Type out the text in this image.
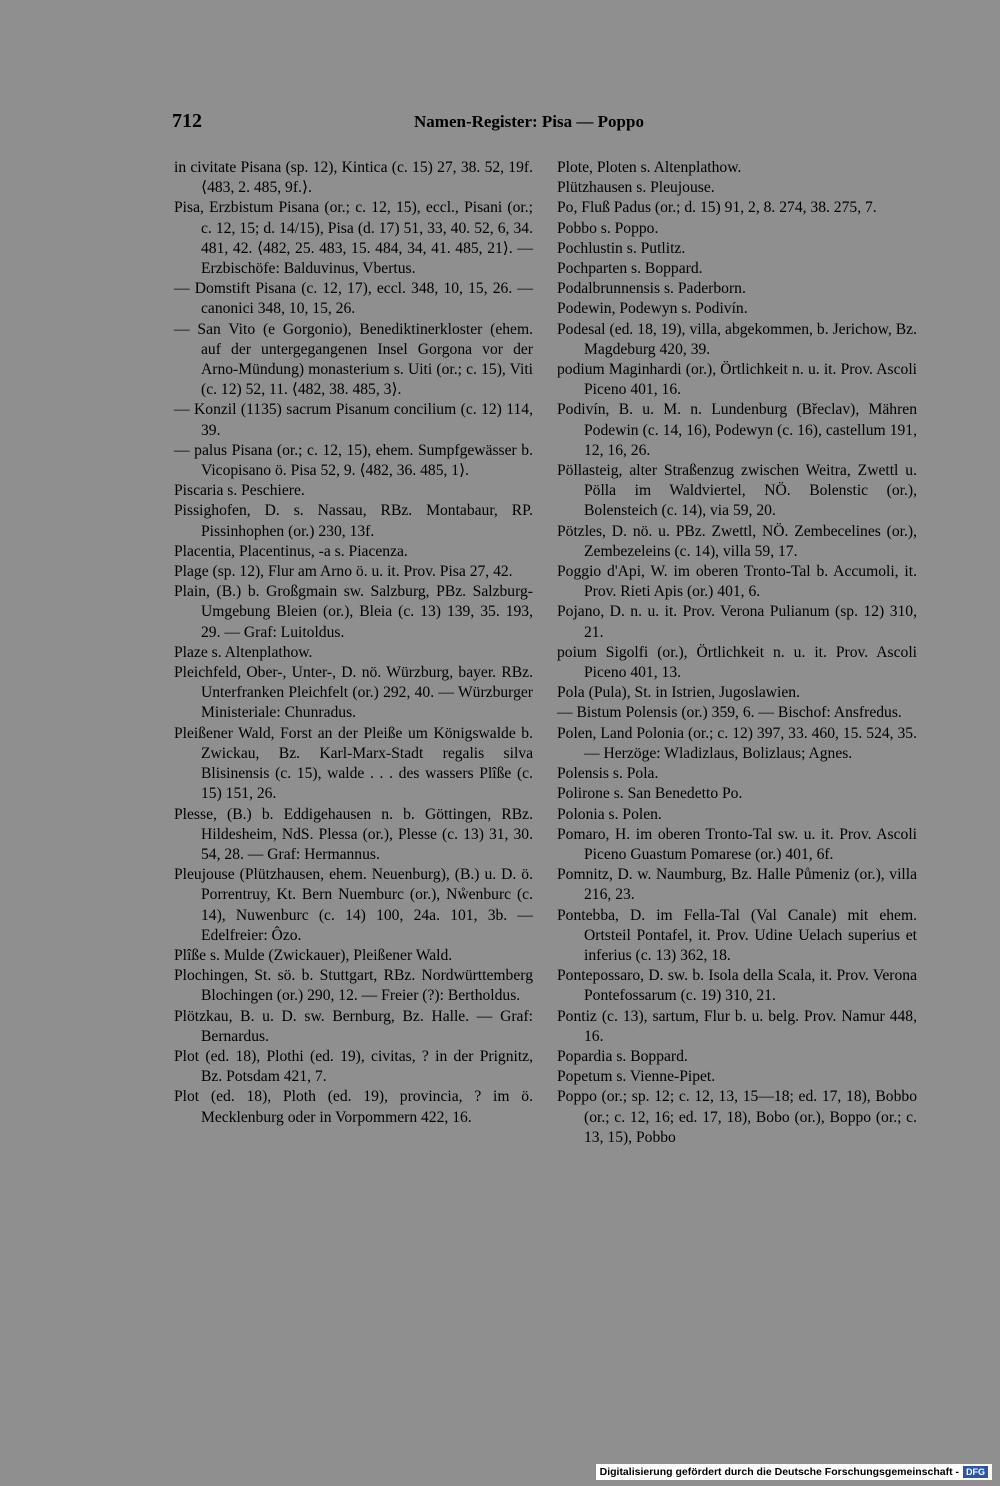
712	Namen-Register: Pisa — Poppo

in civitate Pisana (sp. 12), Kintica (c. 15) 27, 38. 52, 19f. ⟨483, 2. 485, 9f.⟩.

Pisa, Erzbistum Pisana (or.; c. 12, 15), eccl., Pisani (or.; c. 12, 15; d. 14/15), Pisa (d. 17) 51, 33, 40. 52, 6, 34. 481, 42. ⟨482, 25. 483, 15. 484, 34, 41. 485, 21⟩. — Erzbischöfe: Balduvinus, Vbertus.

— Domstift Pisana (c. 12, 17), eccl. 348, 10, 15, 26. — canonici 348, 10, 15, 26.

— San Vito (e Gorgonio), Benediktinerkloster (ehem. auf der untergegangenen Insel Gorgona vor der Arno-Mündung) monasterium s. Uiti (or.; c. 15), Viti (c. 12) 52, 11. ⟨482, 38. 485, 3⟩.

— Konzil (1135) sacrum Pisanum concilium (c. 12) 114, 39.

— palus Pisana (or.; c. 12, 15), ehem. Sumpfgewässer b. Vicopisano ö. Pisa 52, 9. ⟨482, 36. 485, 1⟩.

Piscaria s. Peschiere.

Pissighofen, D. s. Nassau, RBz. Montabaur, RP. Pissinhophen (or.) 230, 13f.

Placentia, Placentinus, -a s. Piacenza.

Plage (sp. 12), Flur am Arno ö. u. it. Prov. Pisa 27, 42.

Plain, (B.) b. Großgmain sw. Salzburg, PBz. Salzburg-Umgebung Bleien (or.), Bleia (c. 13) 139, 35. 193, 29. — Graf: Luitoldus.

Plaze s. Altenplathow.

Pleichfeld, Ober-, Unter-, D. nö. Würzburg, bayer. RBz. Unterfranken Pleichfelt (or.) 292, 40. — Würzburger Ministeriale: Chunradus.

Pleißener Wald, Forst an der Pleiße um Königswalde b. Zwickau, Bz. Karl-Marx-Stadt regalis silva Blisinensis (c. 15), walde . . . des wassers Plîße (c. 15) 151, 26.

Plesse, (B.) b. Eddigehausen n. b. Göttingen, RBz. Hildesheim, NdS. Plessa (or.), Plesse (c. 13) 31, 30. 54, 28. — Graf: Hermannus.

Pleujouse (Plützhausen, ehem. Neuenburg), (B.) u. D. ö. Porrentruy, Kt. Bern Nuemburc (or.), Nẘenburc (c. 14), Nuwenburc (c. 14) 100, 24a. 101, 3b. — Edelfreier: Ôzo.

Plîße s. Mulde (Zwickauer), Pleißener Wald.

Plochingen, St. sö. b. Stuttgart, RBz. Nordwürttemberg Blochingen (or.) 290, 12. — Freier (?): Bertholdus.

Plötzkau, B. u. D. sw. Bernburg, Bz. Halle. — Graf: Bernardus.

Plot (ed. 18), Plothi (ed. 19), civitas, ? in der Prignitz, Bz. Potsdam 421, 7.

Plot (ed. 18), Ploth (ed. 19), provincia, ? im ö. Mecklenburg oder in Vorpommern 422, 16.

Plote, Ploten s. Altenplathow.

Plützhausen s. Pleujouse.

Po, Fluß Padus (or.; d. 15) 91, 2, 8. 274, 38. 275, 7.

Pobbo s. Poppo.

Pochlustin s. Putlitz.

Pochparten s. Boppard.

Podalbrunnensis s. Paderborn.

Podewin, Podewyn s. Podivín.

Podesal (ed. 18, 19), villa, abgekommen, b. Jerichow, Bz. Magdeburg 420, 39.

podium Maginhardi (or.), Örtlichkeit n. u. it. Prov. Ascoli Piceno 401, 16.

Podivín, B. u. M. n. Lundenburg (Břeclav), Mähren Podewin (c. 14, 16), Podewyn (c. 16), castellum 191, 12, 16, 26.

Pöllasteig, alter Straßenzug zwischen Weitra, Zwettl u. Pölla im Waldviertel, NÖ. Bolenstic (or.), Bolensteich (c. 14), via 59, 20.

Pötzles, D. nö. u. PBz. Zwettl, NÖ. Zembecelines (or.), Zembezeleins (c. 14), villa 59, 17.

Poggio d'Api, W. im oberen Tronto-Tal b. Accumoli, it. Prov. Rieti Apis (or.) 401, 6.

Pojano, D. n. u. it. Prov. Verona Pulianum (sp. 12) 310, 21.

poium Sigolfi (or.), Örtlichkeit n. u. it. Prov. Ascoli Piceno 401, 13.

Pola (Pula), St. in Istrien, Jugoslawien.

— Bistum Polensis (or.) 359, 6. — Bischof: Ansfredus.

Polen, Land Polonia (or.; c. 12) 397, 33. 460, 15. 524, 35. — Herzöge: Wladizlaus, Bolizlaus; Agnes.

Polensis s. Pola.

Polirone s. San Benedetto Po.

Polonia s. Polen.

Pomaro, H. im oberen Tronto-Tal sw. u. it. Prov. Ascoli Piceno Guastum Pomarese (or.) 401, 6f.

Pomnitz, D. w. Naumburg, Bz. Halle Půmeniz (or.), villa 216, 23.

Pontebba, D. im Fella-Tal (Val Canale) mit ehem. Ortsteil Pontafel, it. Prov. Udine Uelach superius et inferius (c. 13) 362, 18.

Pontepossaro, D. sw. b. Isola della Scala, it. Prov. Verona Pontefossarum (c. 19) 310, 21.

Pontiz (c. 13), sartum, Flur b. u. belg. Prov. Namur 448, 16.

Popardia s. Boppard.

Popetum s. Vienne-Pipet.

Poppo (or.; sp. 12; c. 12, 13, 15—18; ed. 17, 18), Bobbo (or.; c. 12, 16; ed. 17, 18), Bobo (or.), Boppo (or.; c. 13, 15), Pobbo

Digitalisierung gefördert durch die Deutsche Forschungsgemeinschaft - DFG
